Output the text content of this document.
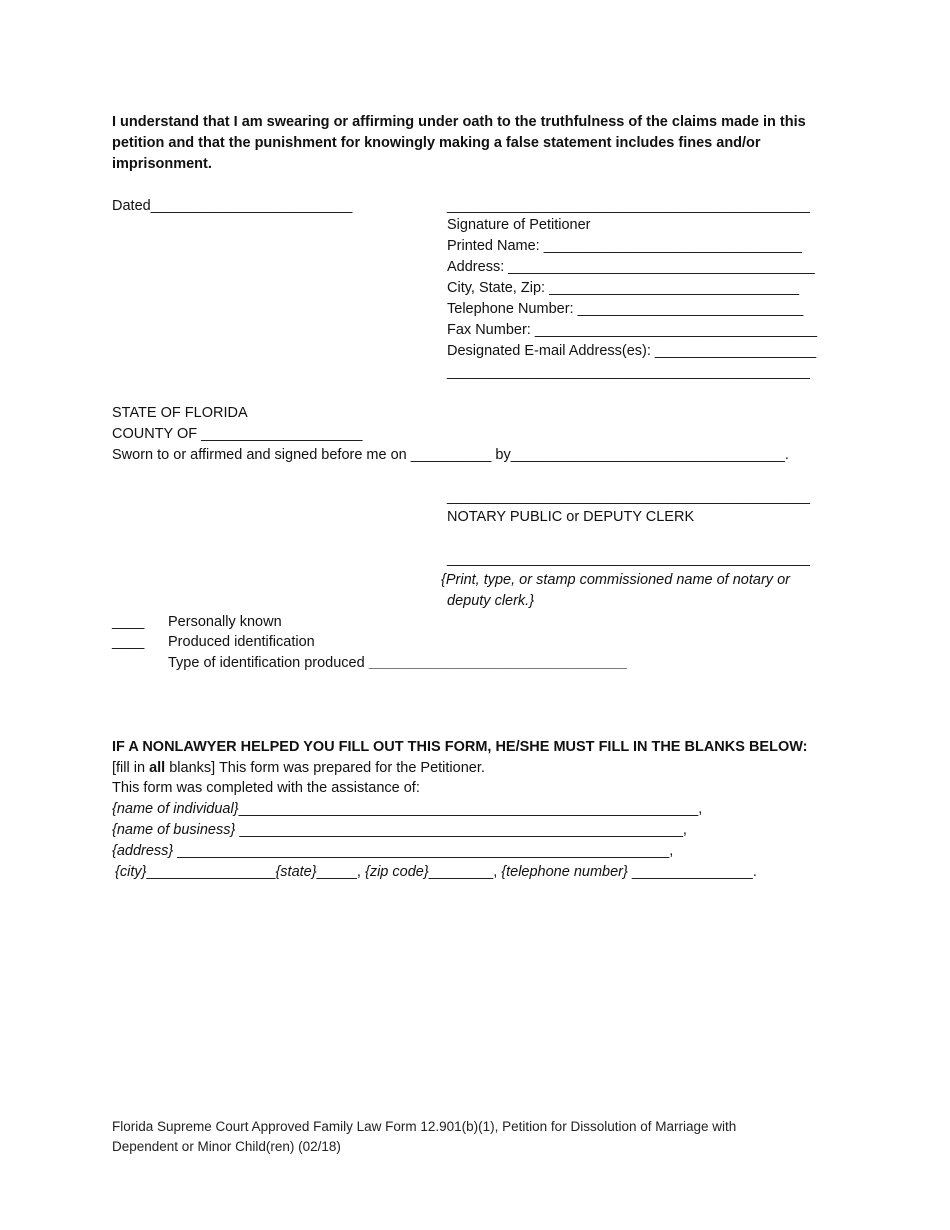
I understand that I am swearing or affirming under oath to the truthfulness of the claims made in this petition and that the punishment for knowingly making a false statement includes fines and/or imprisonment.
Dated_________________________	_____________________________________________
Signature of Petitioner
Printed Name: ________________________________
Address: ______________________________________
City, State, Zip: _______________________________
Telephone Number: ____________________________
Fax Number: ___________________________________
Designated E-mail Address(es): ____________________
_____________________________________________
STATE OF FLORIDA
COUNTY OF ____________________
Sworn to or affirmed and signed before me on __________ by__________________________________.
_____________________________________________
NOTARY PUBLIC or DEPUTY CLERK
_____________________________________________
{Print, type, or stamp commissioned name of notary or
deputy clerk.}
____ Personally known
____ Produced identification
Type of identification produced ________________________________
IF A NONLAWYER HELPED YOU FILL OUT THIS FORM, HE/SHE MUST FILL IN THE BLANKS BELOW:
[fill in all blanks] This form was prepared for the Petitioner.
This form was completed with the assistance of:
{name of individual}_________________________________________________________,
{name of business} _______________________________________________________,
{address} _____________________________________________________________,
{city}________________{state}_____, {zip code}________, {telephone number} _______________.
Florida Supreme Court Approved Family Law Form 12.901(b)(1), Petition for Dissolution of Marriage with Dependent or Minor Child(ren) (02/18)
